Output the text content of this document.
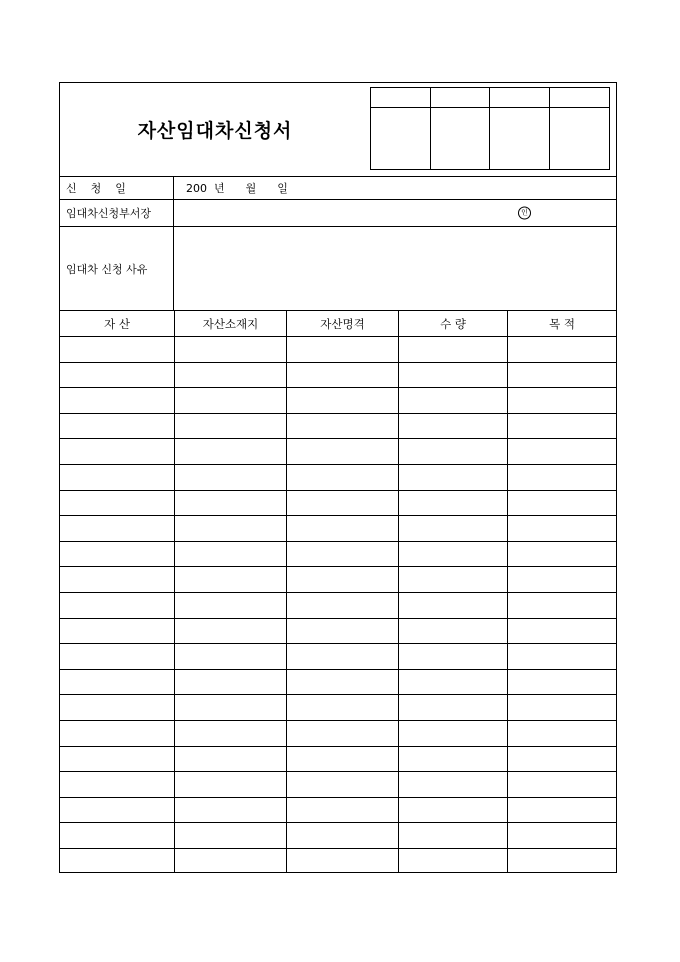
자산임대차신청서
신    청    일	200  년      월      일
임대차신청부서장	인
임대차 신청 사유
자 산	자산소재지	자산명격	수 량	목 적
